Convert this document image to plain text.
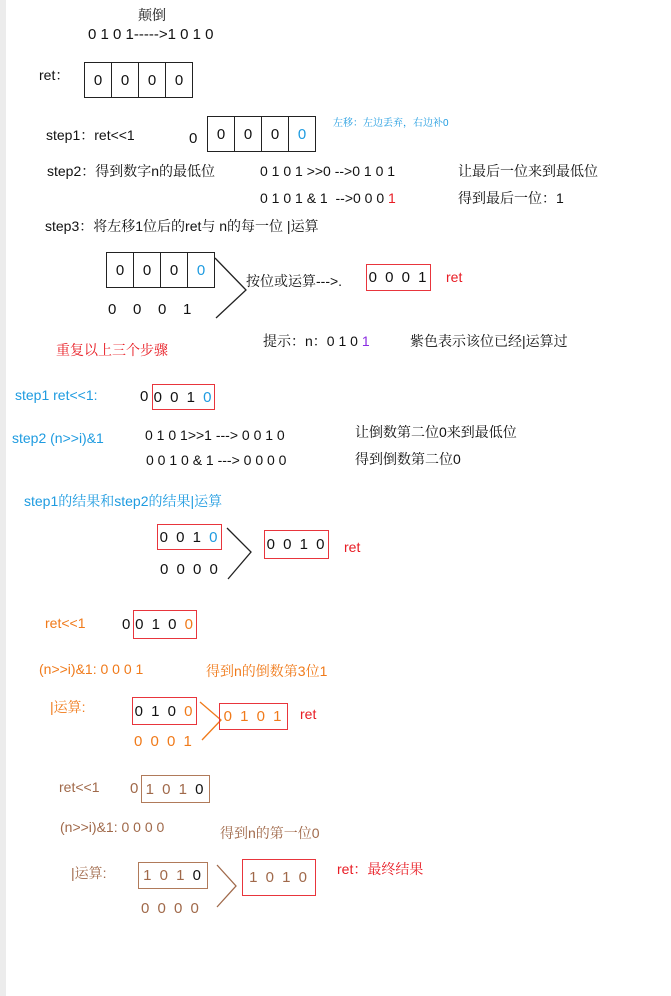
颠倒
0 1 0 1----->1 0 1 0
ret：	0	0	0	0
step1：ret<<1	0	0	0	0	0
左移：左边丢弃，右边补0
step2：得到数字n的最低位	0 1 0 1 >>0 -->0 1 0 1	让最后一位来到最低位
0 1 0 1 & 1  -->0 0 0 1	得到最后一位：1
step3：将左移1位后的ret与 n的每一位 |运算
0	0	0	0
0    0    0    1
按位或运算--->. 0 0 0 1 ret
重复以上三个步骤
提示：n：0 1 0 1	紫色表示该位已经|运算过
step1 ret<<1:	0 0 0 1 0
step2 (n>>i)&1	0 1 0 1>>1 ---> 0 0 1 0	让倒数第二位0来到最低位
0 0 1 0 & 1 ---> 0 0 0 0	得到倒数第二位0
step1的结果和step2的结果|运算
0 0 1 0
0 0 0 0
0 0 1 0 ret
ret<<1 0 0 1 0 0
(n>>i)&1: 0 0 0 1	得到n的倒数第3位1
|运算:	0 1 0 0
0 0 0 1
0 1 0 1	ret
ret<<1 0 1 0 1 0
(n>>i)&1: 0 0 0 0	得到n的第一位0
|运算: 1 0 1 0
0 0 0 0
1 0 1 0	ret：最终结果
